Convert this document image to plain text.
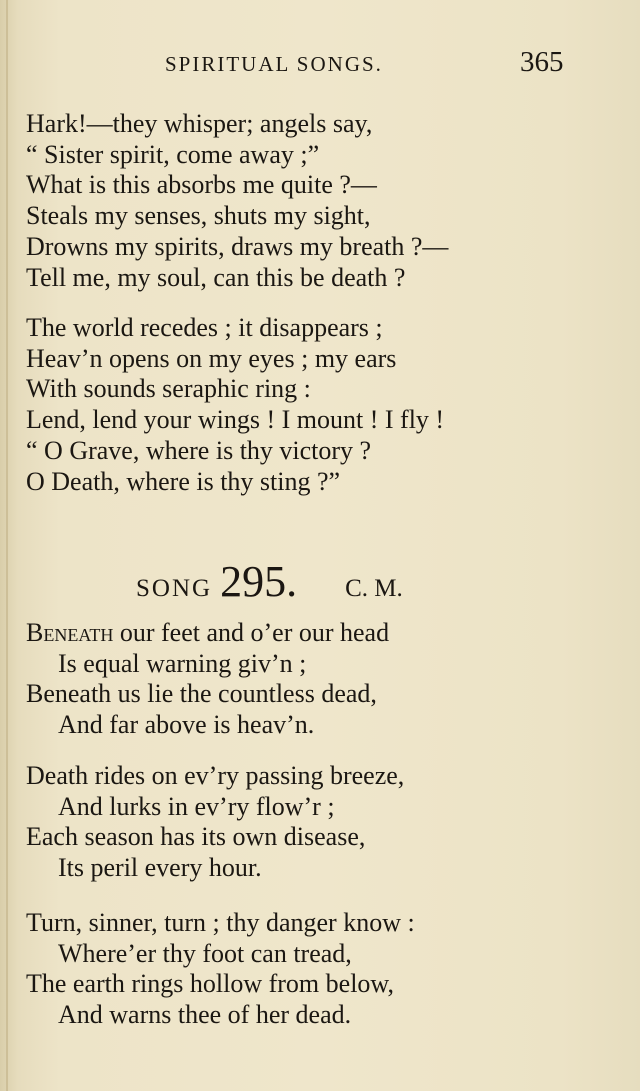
SPIRITUAL SONGS.	365
Hark!—they whisper; angels say,
“ Sister spirit, come away ;”
What is this absorbs me quite ?—
Steals my senses, shuts my sight,
Drowns my spirits, draws my breath ?—
Tell me, my soul, can this be death ?
The world recedes ; it disappears ;
Heav’n opens on my eyes ; my ears
With sounds seraphic ring :
Lend, lend your wings ! I mount ! I fly !
“ O Grave, where is thy victory ?
O Death, where is thy sting ?”
SONG 295. C. M.
Beneath our feet and o’er our head
Is equal warning giv’n ;
Beneath us lie the countless dead,
And far above is heav’n.
Death rides on ev’ry passing breeze,
And lurks in ev’ry flow’r ;
Each season has its own disease,
Its peril every hour.
Turn, sinner, turn ; thy danger know :
Where’er thy foot can tread,
The earth rings hollow from below,
And warns thee of her dead.
